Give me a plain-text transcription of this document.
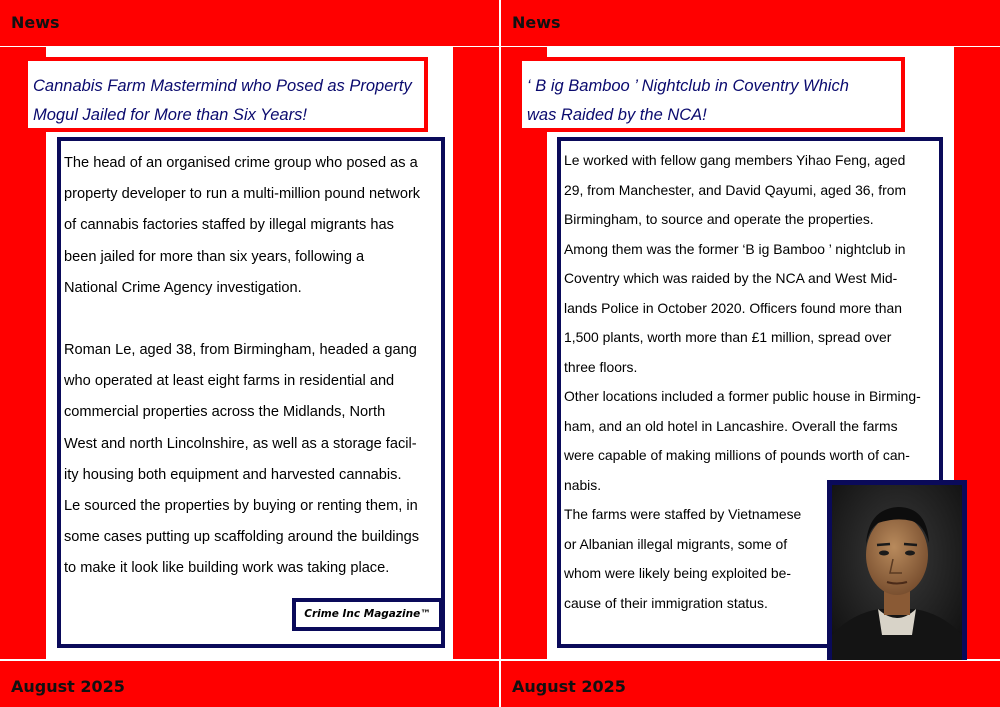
News
Cannabis Farm Mastermind who Posed as Property
Mogul Jailed for More than Six Years!

The head of an organised crime group who posed as a

property developer to run a multi-million pound network

of cannabis factories staffed by illegal migrants has

been jailed for more than six years, following a

National Crime Agency investigation.

Roman Le, aged 38, from Birmingham, headed a gang

who operated at least eight farms in residential and

commercial properties across the Midlands, North

West and north Lincolnshire, as well as a storage facil-

ity housing both equipment and harvested cannabis.

Le sourced the properties by buying or renting them, in

some cases putting up scaffolding around the buildings

to make it look like building work was taking place.

Crime Inc Magazine™
August 2025
News
‘ B ig Bamboo ’ Nightclub in Coventry Which
was Raided by the NCA!

Le worked with fellow gang members Yihao Feng, aged

29, from Manchester, and David Qayumi, aged 36, from

Birmingham, to source and operate the properties.

Among them was the former ‘B ig Bamboo ’ nightclub in

Coventry which was raided by the NCA and West Mid-

lands Police in October 2020. Officers found more than

1,500 plants, worth more than £1 million, spread over

three floors.

Other locations included a former public house in Birming-

ham, and an old hotel in Lancashire. Overall the farms

were capable of making millions of pounds worth of can-

nabis.

The farms were staffed by Vietnamese

or Albanian illegal migrants, some of

whom were likely being exploited be-

cause of their immigration status.

August 2025
